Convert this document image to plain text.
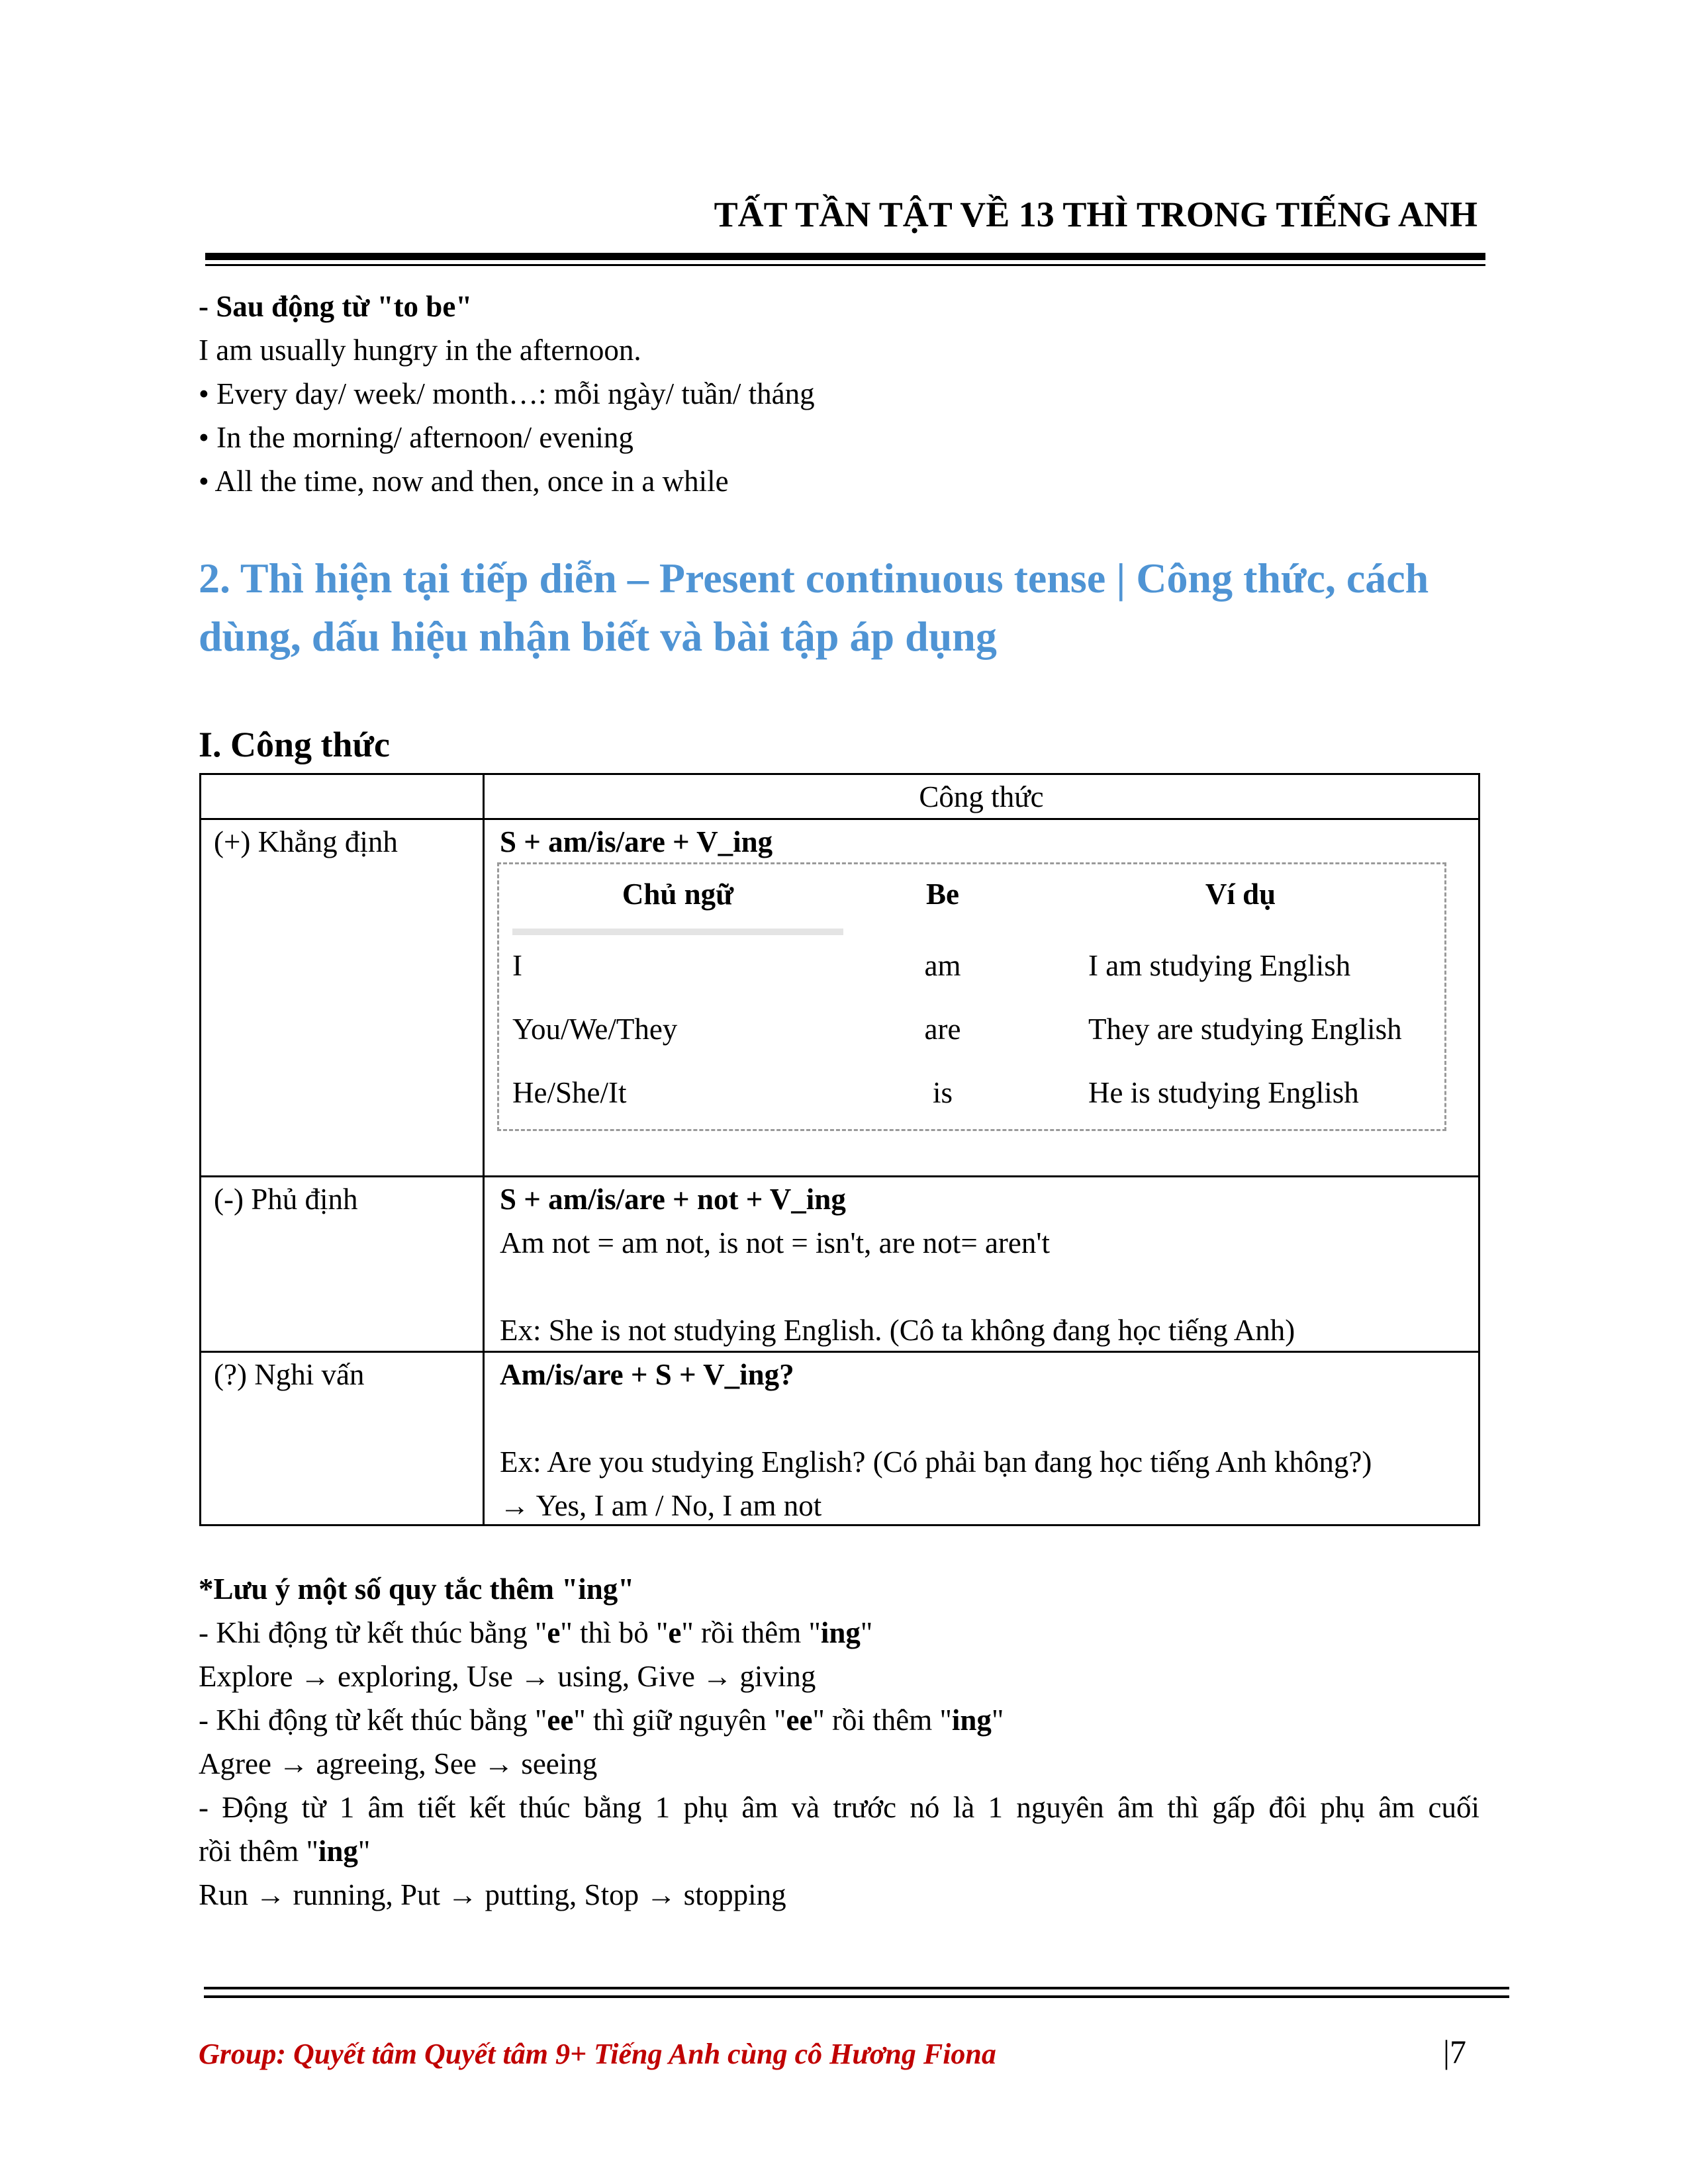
TẤT TẦN TẬT VỀ 13 THÌ TRONG TIẾNG ANH
- Sau động từ "to be"
I am usually hungry in the afternoon.
• Every day/ week/ month…: mỗi ngày/ tuần/ tháng
• In the morning/ afternoon/ evening
• All the time, now and then, once in a while
2. Thì hiện tại tiếp diễn – Present continuous tense | Công thức, cách
dùng, dấu hiệu nhận biết và bài tập áp dụng
I. Công thức
Công thức
(+) Khẳng định	S + am/is/are + V_ing
Chủ ngữ	Be	Ví dụ
I	am	I am studying English
You/We/They	are	They are studying English
He/She/It	is	He is studying English
(-) Phủ định	S + am/is/are + not + V_ing
Am not = am not, is not = isn't, are not= aren't
Ex: She is not studying English. (Cô ta không đang học tiếng Anh)
(?) Nghi vấn	Am/is/are + S + V_ing?
Ex: Are you studying English? (Có phải bạn đang học tiếng Anh không?)
→ Yes, I am / No, I am not
*Lưu ý một số quy tắc thêm "ing"
- Khi động từ kết thúc bằng "e" thì bỏ "e" rồi thêm "ing"
Explore → exploring, Use → using, Give → giving
- Khi động từ kết thúc bằng "ee" thì giữ nguyên "ee" rồi thêm "ing"
Agree → agreeing, See → seeing
- Động từ 1 âm tiết kết thúc bằng 1 phụ âm và trước nó là 1 nguyên âm thì gấp đôi phụ âm cuối
rồi thêm "ing"
Run → running, Put → putting, Stop → stopping
Group: Quyết tâm Quyết tâm 9+ Tiếng Anh cùng cô Hương Fiona	|7
